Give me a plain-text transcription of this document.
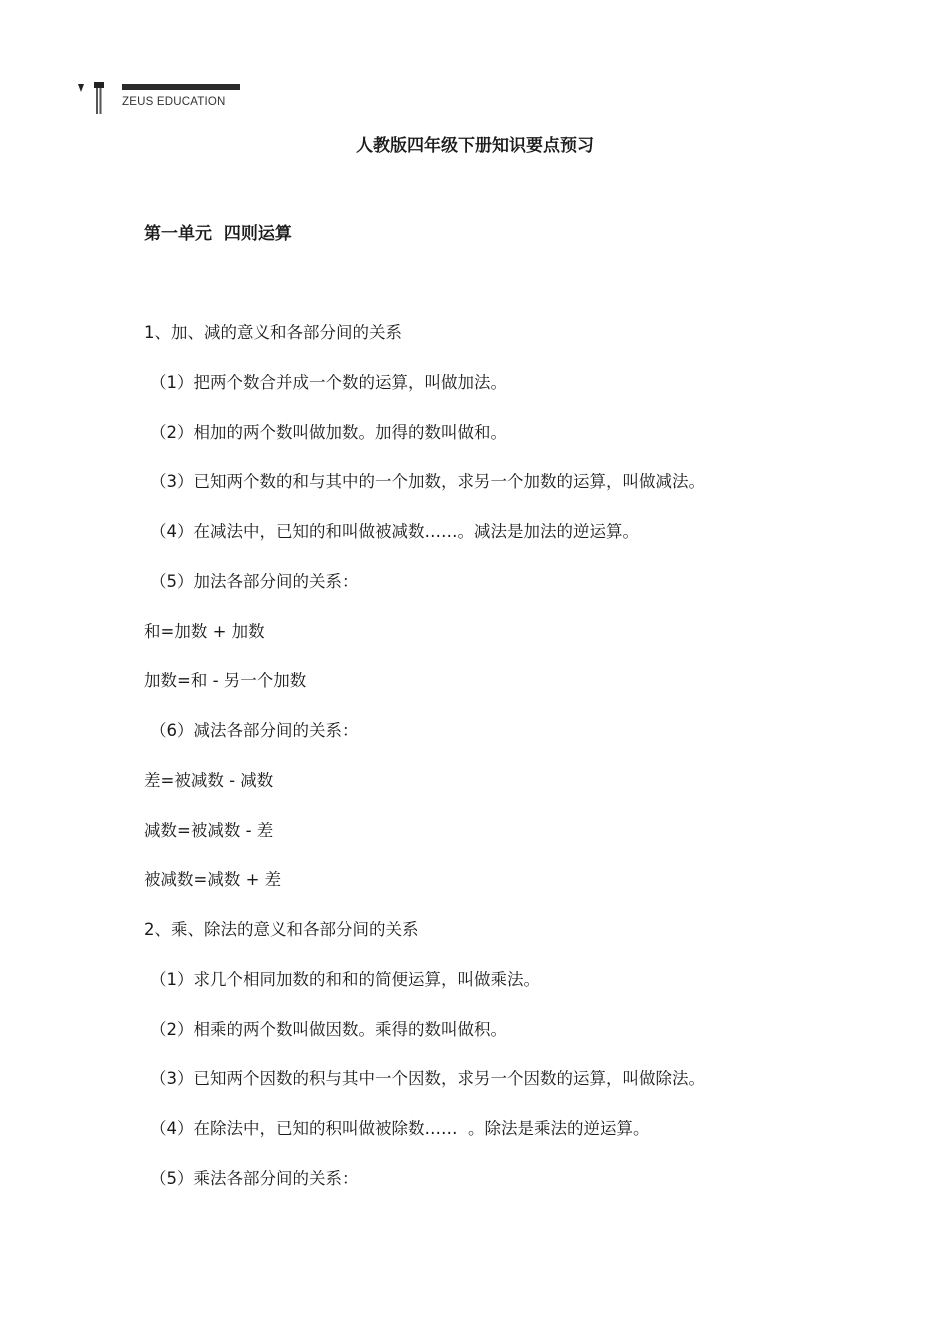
ZEUS EDUCATION
人教版四年级下册知识要点预习
第一单元  四则运算
1、加、减的意义和各部分间的关系
（1）把两个数合并成一个数的运算，叫做加法。
（2）相加的两个数叫做加数。加得的数叫做和。
（3）已知两个数的和与其中的一个加数，求另一个加数的运算，叫做减法。
（4）在减法中，已知的和叫做被减数……。减法是加法的逆运算。
（5）加法各部分间的关系：
和=加数 + 加数
加数=和 - 另一个加数
（6）减法各部分间的关系：
差=被减数 - 减数
减数=被减数 - 差
被减数=减数 + 差
2、乘、除法的意义和各部分间的关系
（1）求几个相同加数的和和的简便运算，叫做乘法。
（2）相乘的两个数叫做因数。乘得的数叫做积。
（3）已知两个因数的积与其中一个因数，求另一个因数的运算，叫做除法。
（4）在除法中，已知的积叫做被除数……  。除法是乘法的逆运算。
（5）乘法各部分间的关系：
